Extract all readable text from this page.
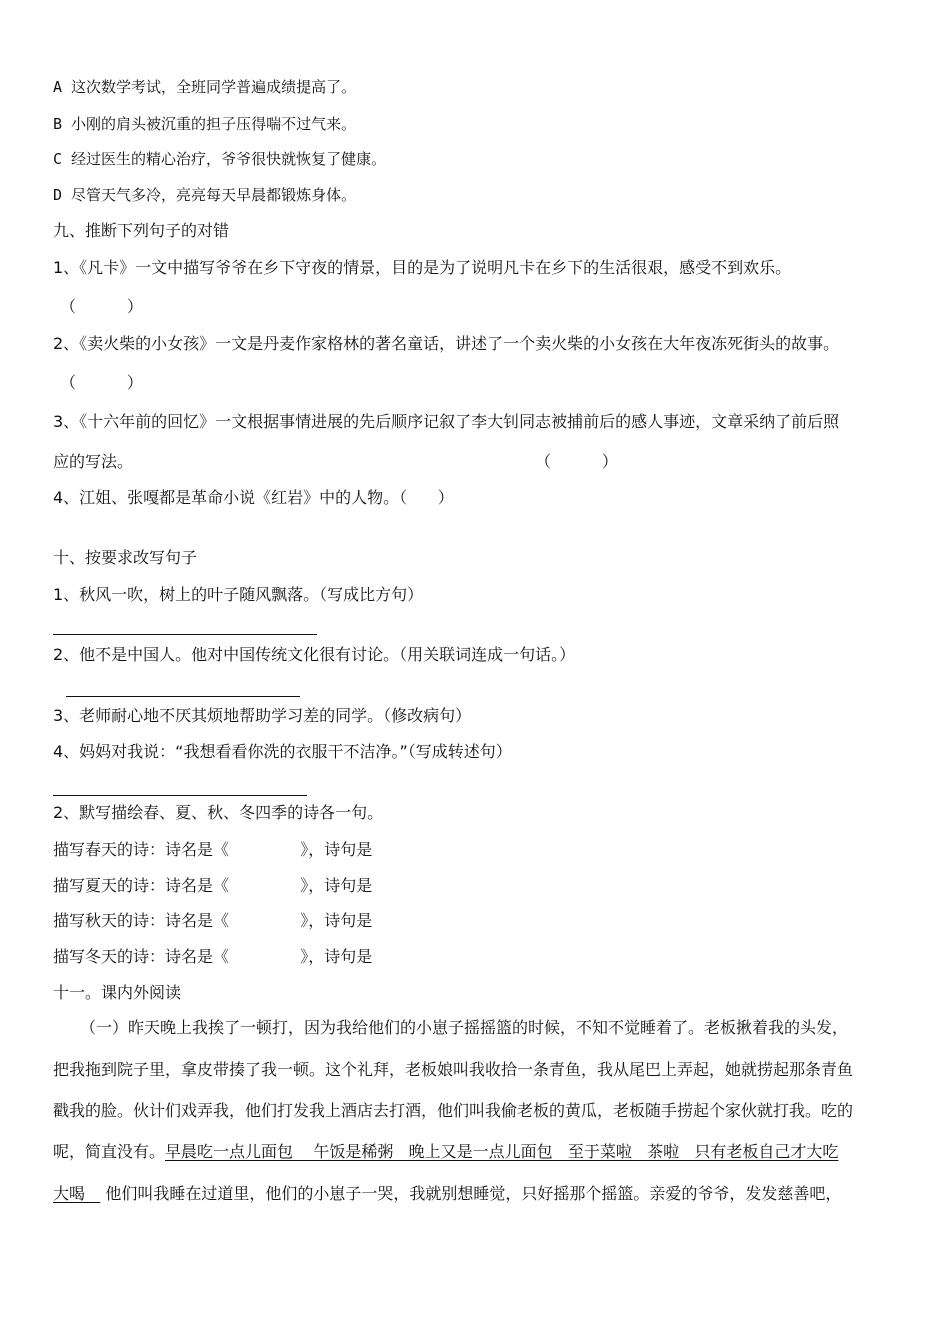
A 这次数学考试，全班同学普遍成绩提高了。
B 小刚的肩头被沉重的担子压得喘不过气来。
C 经过医生的精心治疗，爷爷很快就恢复了健康。
D 尽管天气多冷，亮亮每天早晨都锻炼身体。
九、推断下列句子的对错
1、《凡卡》一文中描写爷爷在乡下守夜的情景，目的是为了说明凡卡在乡下的生活很艰，感受不到欢乐。
（          ）
2、《卖火柴的小女孩》一文是丹麦作家格林的著名童话，讲述了一个卖火柴的小女孩在大年夜冻死街头的故事。
（          ）
3、《十六年前的回忆》一文根据事情进展的先后顺序记叙了李大钊同志被捕前后的感人事迹，文章采纳了前后照
应的写法。	（          ）
4、江姐、张嘎都是革命小说《红岩》中的人物。（      ）
十、按要求改写句子
1、秋风一吹，树上的叶子随风飘落。（写成比方句）
2、他不是中国人。他对中国传统文化很有讨论。（用关联词连成一句话。）
3、老师耐心地不厌其烦地帮助学习差的同学。（修改病句）
4、妈妈对我说：“我想看看你洗的衣服干不洁净。”（写成转述句）
2、默写描绘春、夏、秋、冬四季的诗各一句。
描写春天的诗：诗名是《              》，诗句是
描写夏天的诗：诗名是《              》，诗句是
描写秋天的诗：诗名是《              》，诗句是
描写冬天的诗：诗名是《              》，诗句是
十一。课内外阅读
（一）昨天晚上我挨了一顿打，因为我给他们的小崽子摇摇篮的时候，不知不觉睡着了。老板揪着我的头发，
把我拖到院子里，拿皮带揍了我一顿。这个礼拜，老板娘叫我收拾一条青鱼，我从尾巴上弄起，她就捞起那条青鱼
戳我的脸。伙计们戏弄我，他们打发我上酒店去打酒，他们叫我偷老板的黄瓜，老板随手捞起个家伙就打我。吃的
呢，简直没有。早晨吃一点儿面包    午饭是稀粥   晚上又是一点儿面包   至于菜啦   茶啦   只有老板自己才大吃
大喝    他们叫我睡在过道里，他们的小崽子一哭，我就别想睡觉，只好摇那个摇篮。亲爱的爷爷，发发慈善吧，
